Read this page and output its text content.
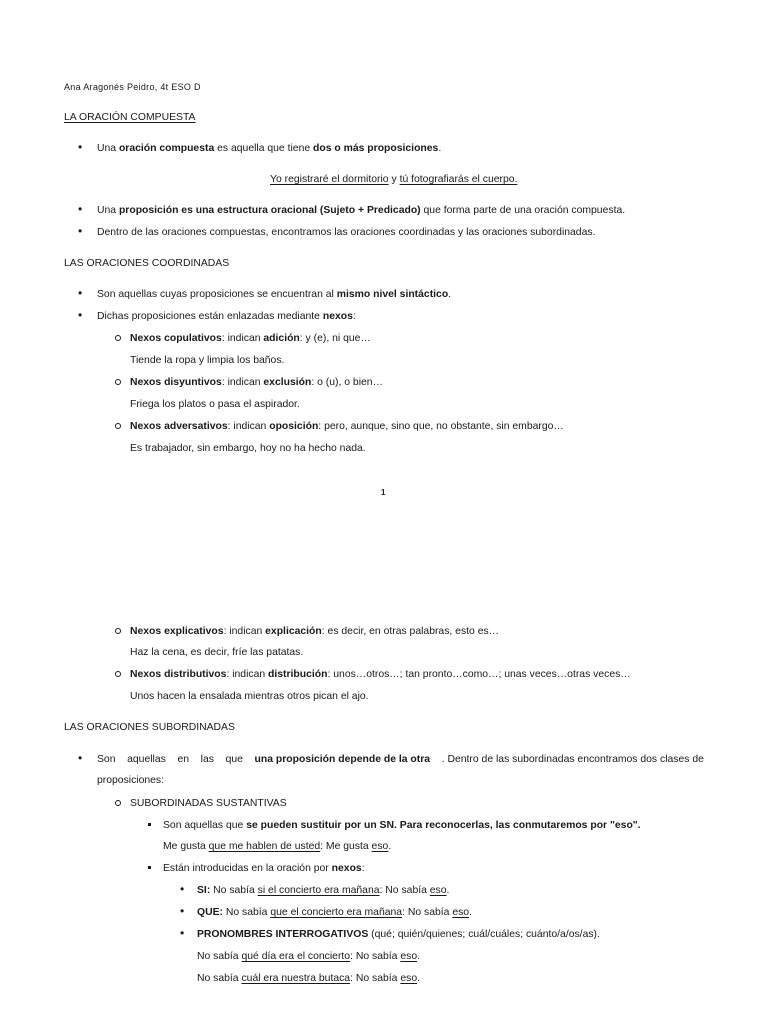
Ana Aragonés Peidro, 4t ESO D
LA ORACIÓN COMPUESTA
• Una oración compuesta es aquella que tiene dos o más proposiciones.
Yo registraré el dormitorio y tú fotografiarás el cuerpo.
• Una proposición es una estructura oracional (Sujeto + Predicado) que forma parte de una oración compuesta.
• Dentro de las oraciones compuestas, encontramos las oraciones coordinadas y las oraciones subordinadas.
LAS ORACIONES COORDINADAS
• Son aquellas cuyas proposiciones se encuentran al mismo nivel sintáctico.
• Dichas proposiciones están enlazadas mediante nexos:
Nexos copulativos: indican adición: y (e), ni que…
Tiende la ropa y limpia los baños.
Nexos disyuntivos: indican exclusión: o (u), o bien…
Friega los platos o pasa el aspirador.
Nexos adversativos: indican oposición: pero, aunque, sino que, no obstante, sin embargo…
Es trabajador, sin embargo, hoy no ha hecho nada.
1
Nexos explicativos: indican explicación: es decir, en otras palabras, esto es…
Haz la cena, es decir, fríe las patatas.
Nexos distributivos: indican distribución: unos…otros…; tan pronto…como…; unas veces…otras veces…
Unos hacen la ensalada mientras otros pican el ajo.
LAS ORACIONES SUBORDINADAS
• Son aquellas en las que una proposición depende de la otra . Dentro de las subordinadas encontramos dos clases de
proposiciones:
SUBORDINADAS SUSTANTIVAS
Son aquellas que se pueden sustituir por un SN. Para reconocerlas, las conmutaremos por "eso".
Me gusta que me hablen de usted: Me gusta eso.
Están introducidas en la oración por nexos:
• SI: No sabía si el concierto era mañana: No sabía eso.
• QUE: No sabía que el concierto era mañana: No sabía eso.
• PRONOMBRES INTERROGATIVOS (qué; quién/quienes; cuál/cuáles; cuánto/a/os/as).
No sabía qué día era el concierto: No sabía eso.
No sabía cuál era nuestra butaca: No sabía eso.
